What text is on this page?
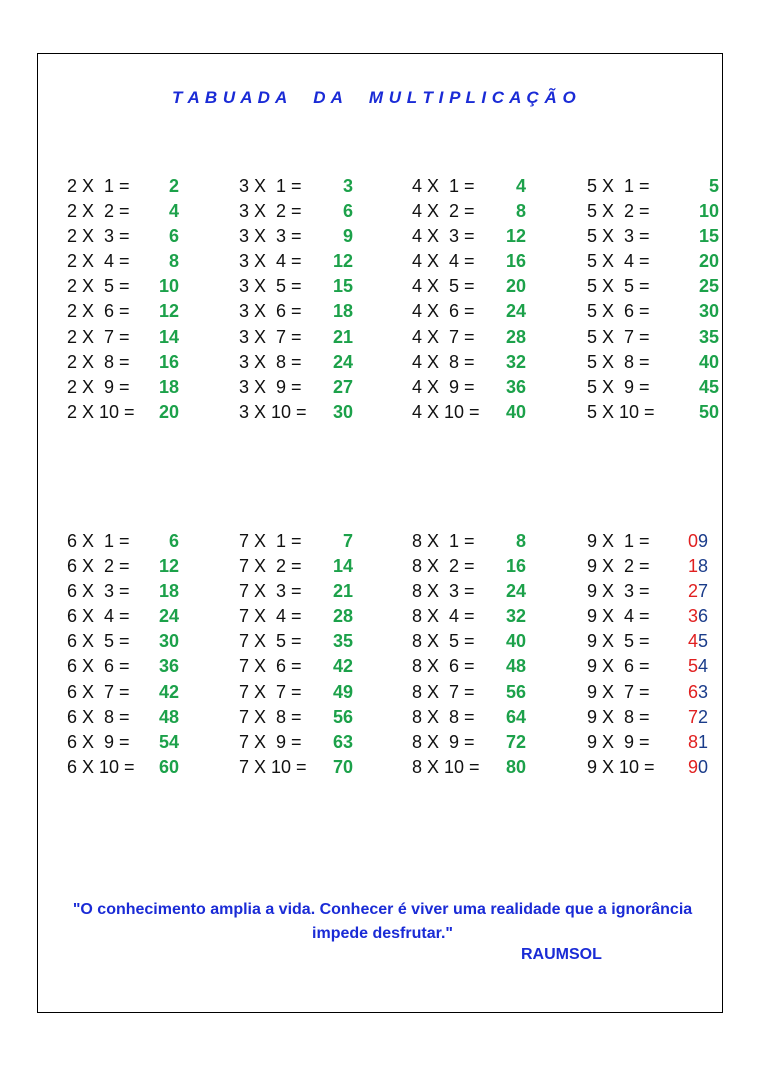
T A B U A D A     D A     M U L T I P L I C A Ç Ã O
2 X  1 = 2
2 X  2 = 4
2 X  3 = 6
2 X  4 = 8
2 X  5 = 10
2 X  6 = 12
2 X  7 = 14
2 X  8 = 16
2 X  9 = 18
2 X 10 = 20
3 X  1 = 3
3 X  2 = 6
3 X  3 = 9
3 X  4 = 12
3 X  5 = 15
3 X  6 = 18
3 X  7 = 21
3 X  8 = 24
3 X  9 = 27
3 X 10 = 30
4 X  1 = 4
4 X  2 = 8
4 X  3 = 12
4 X  4 = 16
4 X  5 = 20
4 X  6 = 24
4 X  7 = 28
4 X  8 = 32
4 X  9 = 36
4 X 10 = 40
5 X  1 =	5
5 X  2 =	10
5 X  3 =	15
5 X  4 =	20
5 X  5 =	25
5 X  6 =	30
5 X  7 =	35
5 X  8 =	40
5 X  9 =	45
5 X 10 = 50
6 X  1 = 6
6 X  2 = 12
6 X  3 = 18
6 X  4 = 24
6 X  5 = 30
6 X  6 = 36
6 X  7 = 42
6 X  8 = 48
6 X  9 = 54
6 X 10 = 60
7 X  1 = 7
7 X  2 = 14
7 X  3 = 21
7 X  4 = 28
7 X  5 = 35
7 X  6 = 42
7 X  7 = 49
7 X  8 = 56
7 X  9 = 63
7 X 10 = 70
8 X  1 = 8
8 X  2 = 16
8 X  3 = 24
8 X  4 = 32
8 X  5 = 40
8 X  6 = 48
8 X  7 = 56
8 X  8 = 64
8 X  9 = 72
8 X 10 = 80
9 X  1 = 09
9 X  2 = 18
9 X  3 = 27
9 X  4 = 36
9 X  5 = 45
9 X  6 = 54
9 X  7 = 63
9 X  8 = 72
9 X  9 = 81
9 X 10 = 90

"O conhecimento amplia a vida. Conhecer é viver uma realidade que a ignorância impede desfrutar."

RAUMSOL
